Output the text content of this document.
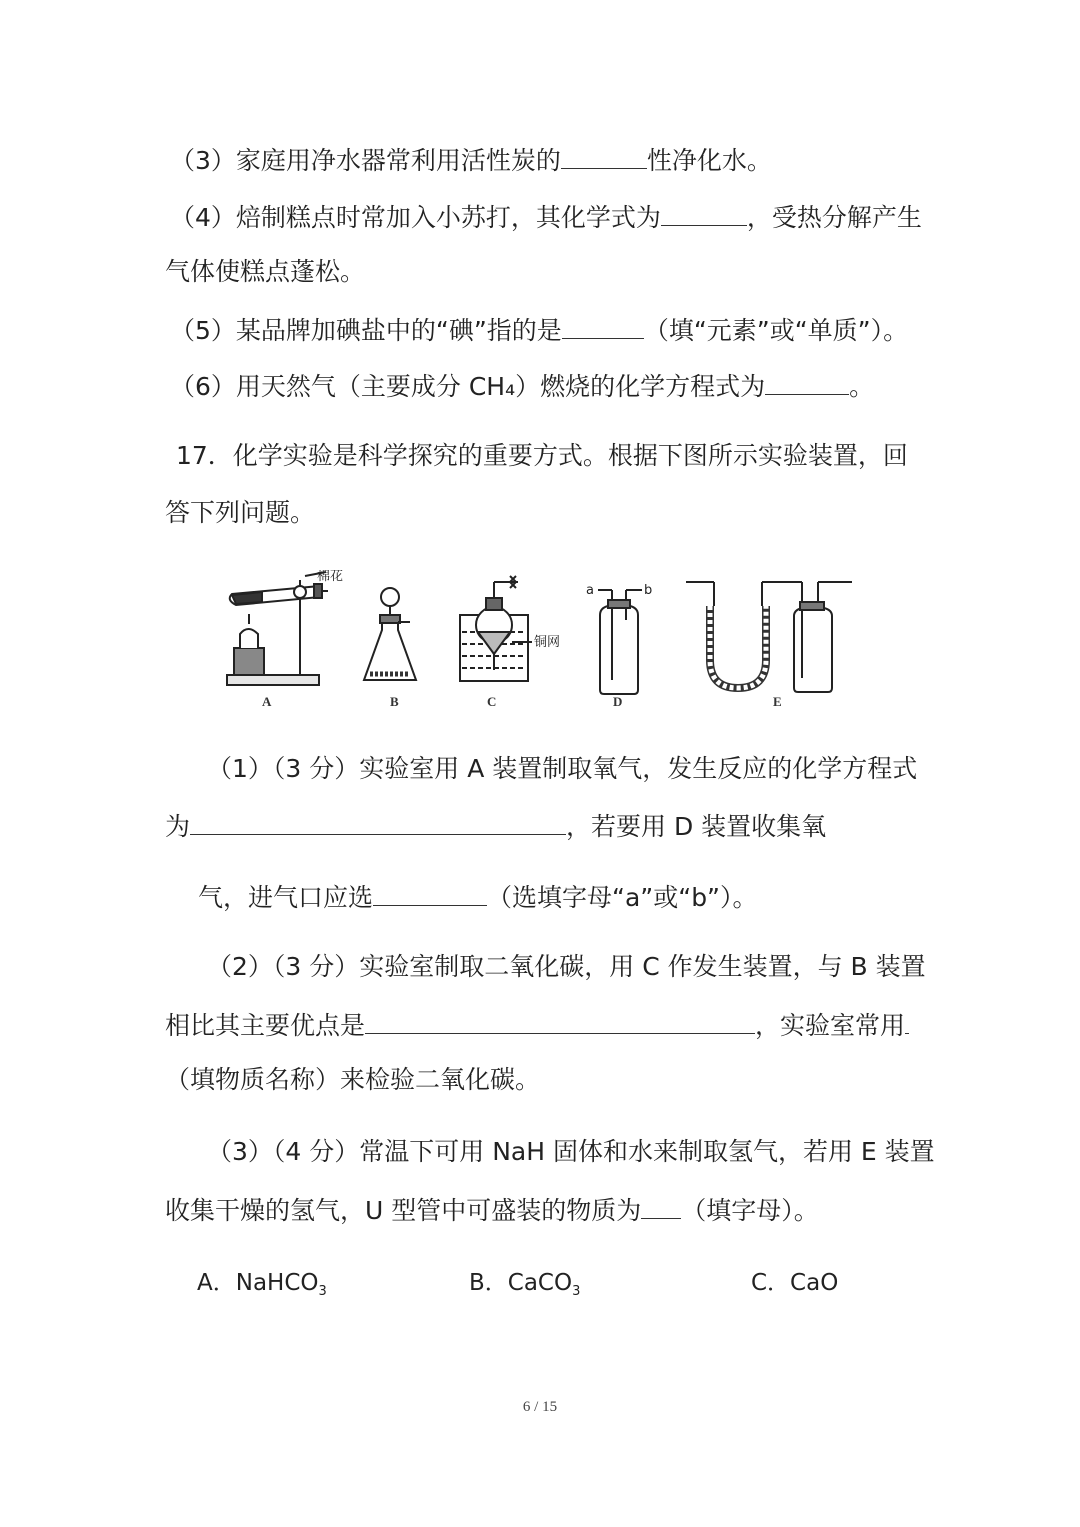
（3）家庭用净水器常利用活性炭的	性净化水。
（4）焙制糕点时常加入小苏打，其化学式为	，受热分解产生
气体使糕点蓬松。
（5）某品牌加碘盐中的“碘”指的是	（填“元素”或“单质”）。
（6）用天然气（主要成分 CH₄）燃烧的化学方程式为	。
17．化学实验是科学探究的重要方式。根据下图所示实验装置，回
答下列问题。
棉花
铜网
a	b
A	B	C	D	E
（1）（3 分）实验室用 A 装置制取氧气，发生反应的化学方程式
为	，若要用 D 装置收集氧
气，进气口应选	（选填字母“a”或“b”）。
（2）（3 分）实验室制取二氧化碳，用 C 作发生装置，与 B 装置
相比其主要优点是	，实验室常用
（填物质名称）来检验二氧化碳。
（3）（4 分）常温下可用 NaH 固体和水来制取氢气，若用 E 装置
收集干燥的氢气，U 型管中可盛装的物质为 （填字母）。
A．NaHCO$_3$	B．CaCO$_3$	C．CaO
6 / 15
